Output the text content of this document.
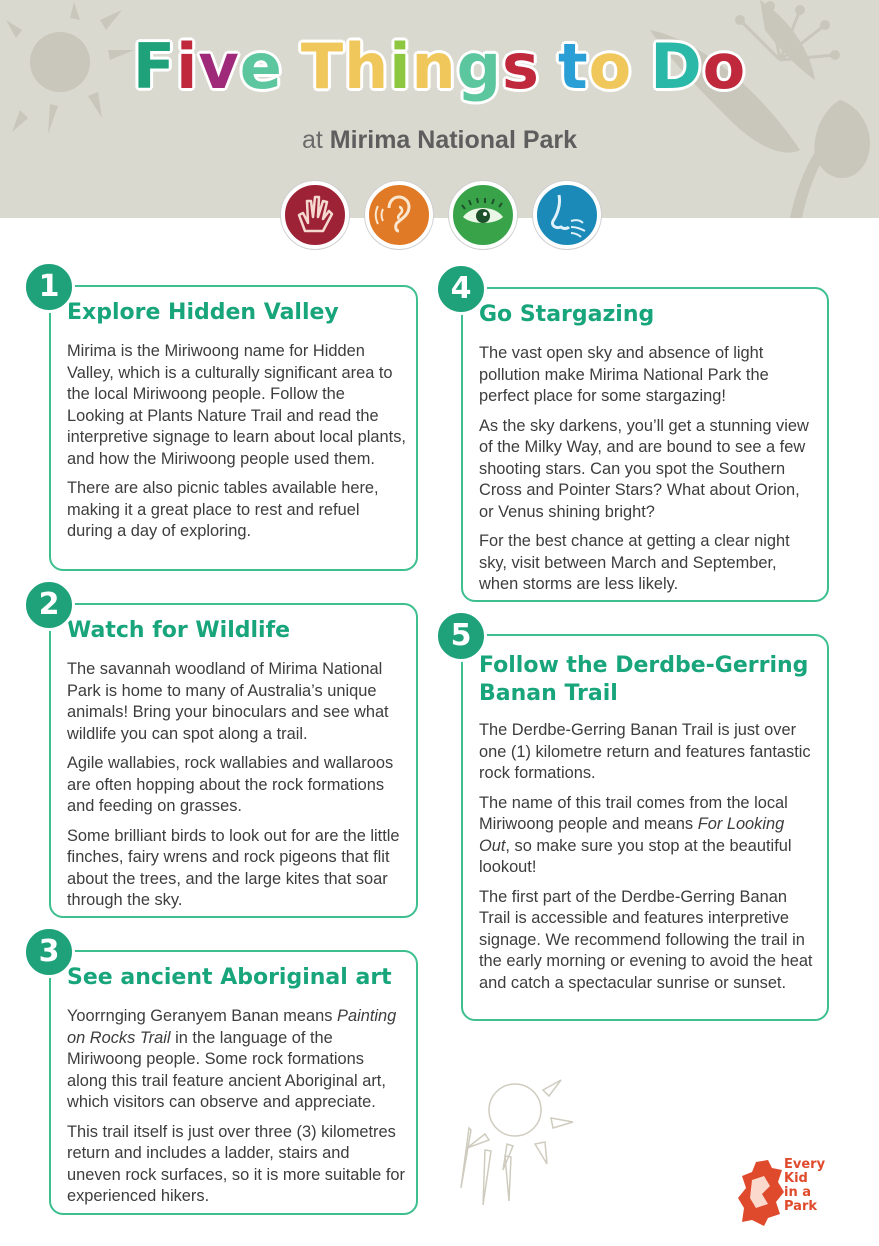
Five Things to Do
at Mirima National Park
Explore Hidden Valley

Mirima is the Miriwoong name for Hidden Valley, which is a culturally significant area to the local Miriwoong people. Follow the Looking at Plants Nature Trail and read the interpretive signage to learn about local plants, and how the Miriwoong people used them.

There are also picnic tables available here, making it a great place to rest and refuel during a day of exploring.

1
Watch for Wildlife

The savannah woodland of Mirima National Park is home to many of Australia’s unique animals! Bring your binoculars and see what wildlife you can spot along a trail.

Agile wallabies, rock wallabies and wallaroos are often hopping about the rock formations and feeding on grasses.

Some brilliant birds to look out for are the little finches, fairy wrens and rock pigeons that flit about the trees, and the large kites that soar through the sky.

2
See ancient Aboriginal art

Yoorrnging Geranyem Banan means Painting on Rocks Trail in the language of the Miriwoong people. Some rock formations along this trail feature ancient Aboriginal art, which visitors can observe and appreciate.

This trail itself is just over three (3) kilometres return and includes a ladder, stairs and uneven rock surfaces, so it is more suitable for experienced hikers.

3
Go Stargazing

The vast open sky and absence of light pollution make Mirima National Park the perfect place for some stargazing!

As the sky darkens, you’ll get a stunning view of the Milky Way, and are bound to see a few shooting stars. Can you spot the Southern Cross and Pointer Stars? What about Orion, or Venus shining bright?

For the best chance at getting a clear night sky, visit between March and September, when storms are less likely.

4
Follow the Derdbe-Gerring
Banan Trail

The Derdbe-Gerring Banan Trail is just over one (1) kilometre return and features fantastic rock formations.

The name of this trail comes from the local Miriwoong people and means For Looking Out, so make sure you stop at the beautiful lookout!

The first part of the Derdbe-Gerring Banan Trail is accessible and features interpretive signage. We recommend following the trail in the early morning or evening to avoid the heat and catch a spectacular sunrise or sunset.

5
Every
Kid
in a
Park
